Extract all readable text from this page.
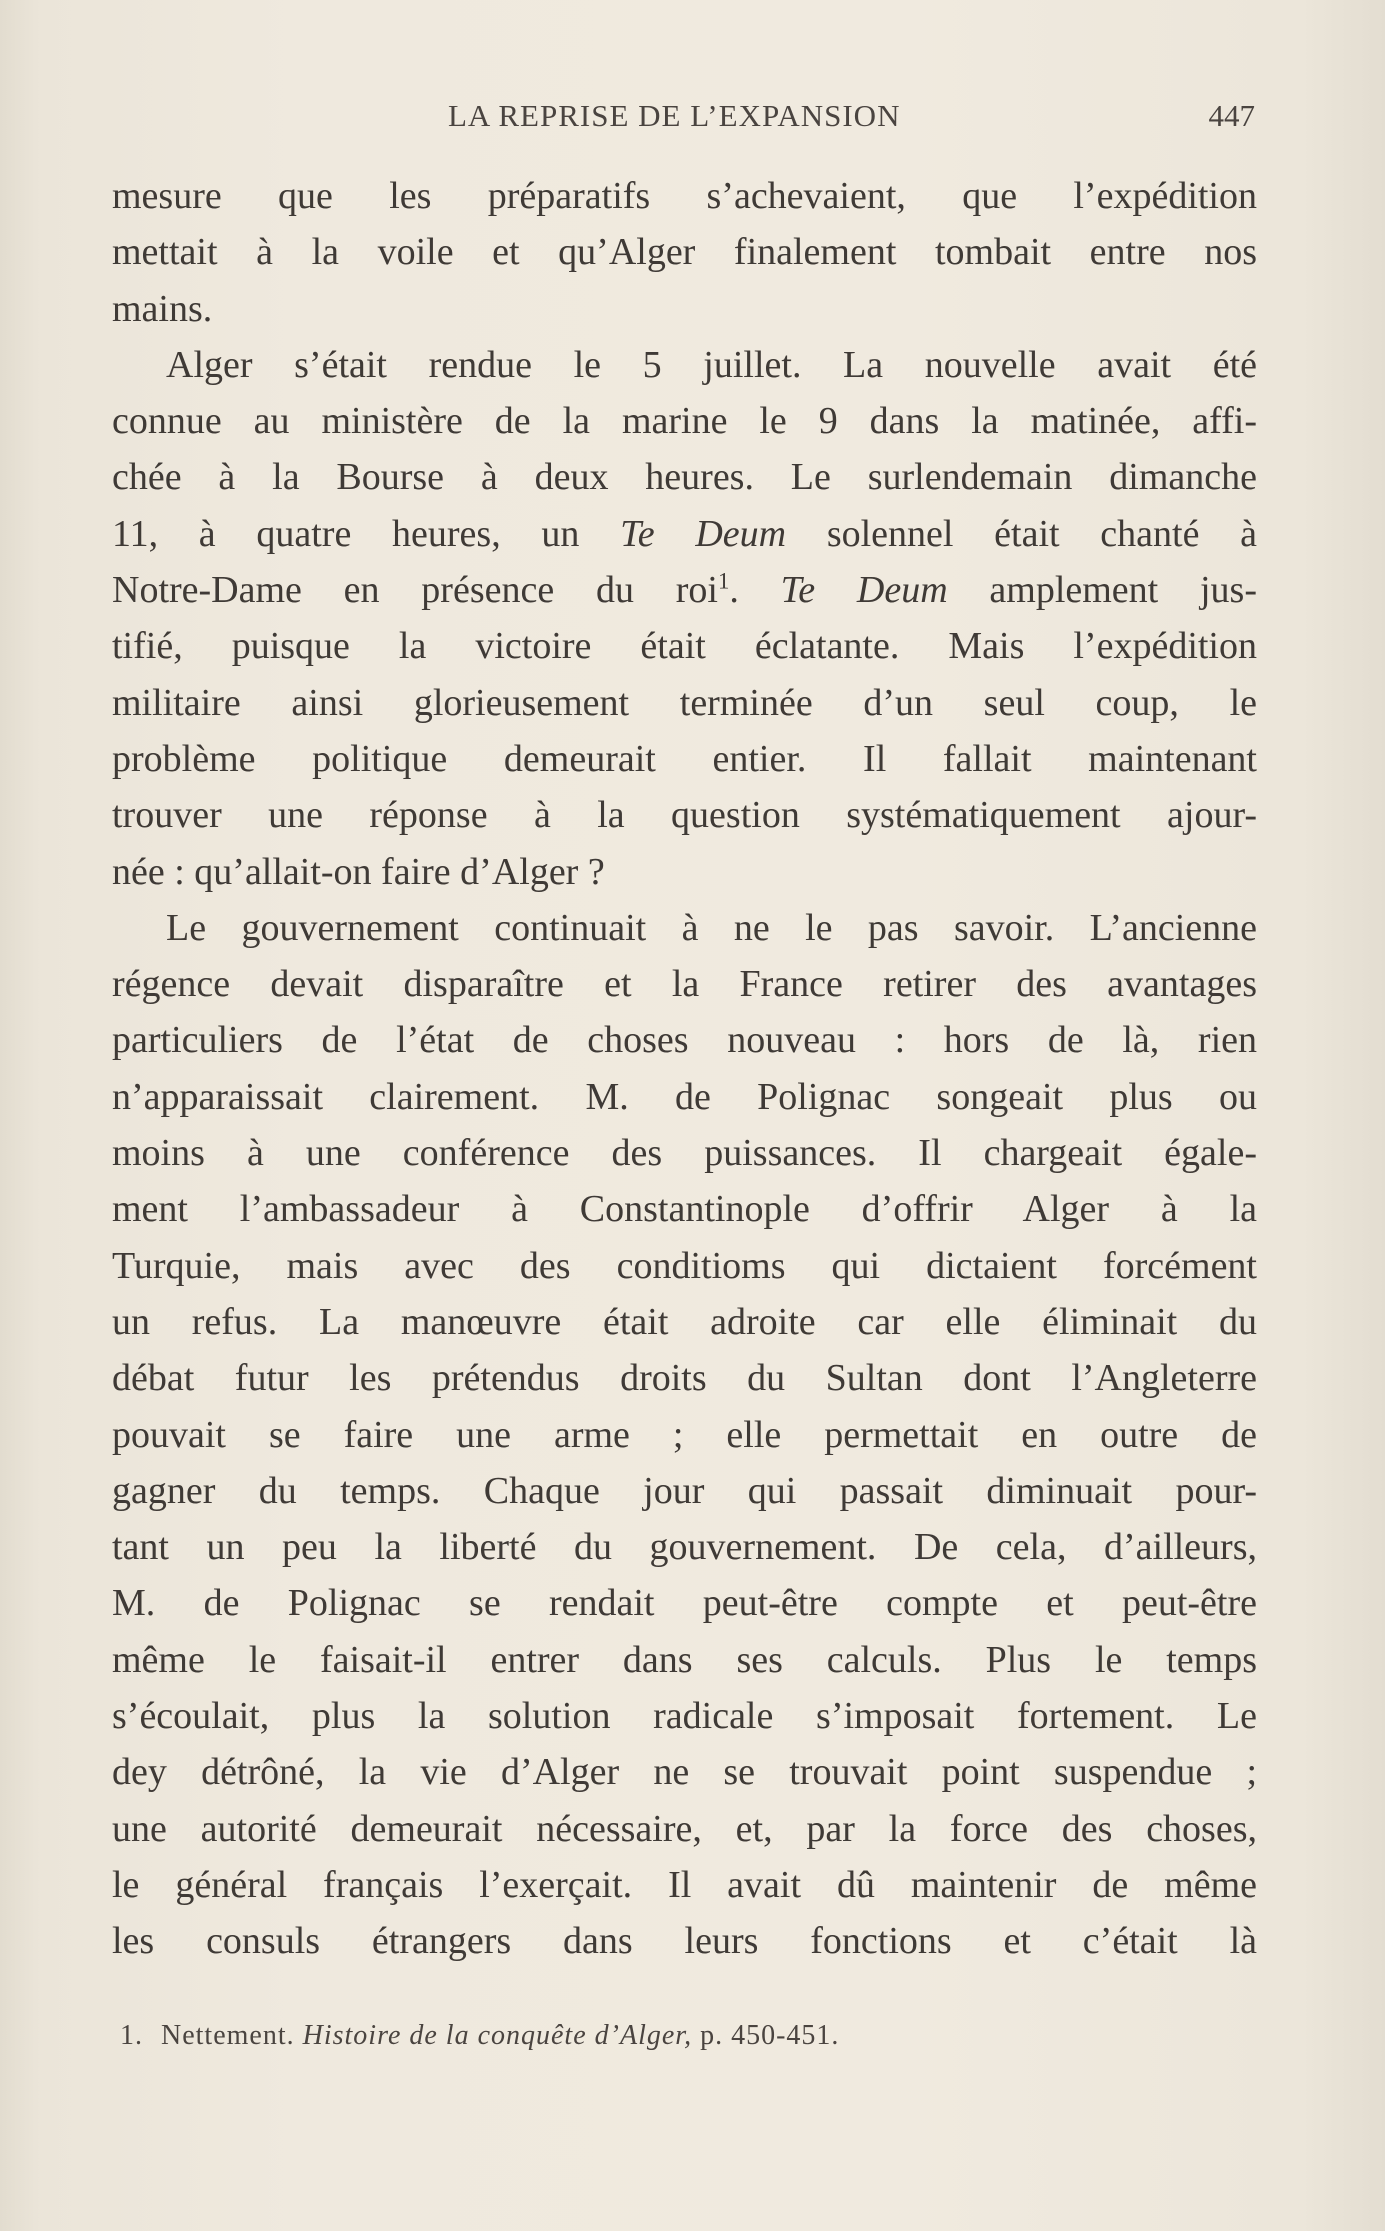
LA REPRISE DE L’EXPANSION	447
mesure que les préparatifs s’achevaient, que l’expédition
mettait à la voile et qu’Alger finalement tombait entre nos
mains.
Alger s’était rendue le 5 juillet. La nouvelle avait été
connue au ministère de la marine le 9 dans la matinée, affi-
chée à la Bourse à deux heures. Le surlendemain dimanche
11, à quatre heures, un Te Deum solennel était chanté à
Notre-Dame en présence du roi$^1$. Te Deum amplement jus-
tifié, puisque la victoire était éclatante. Mais l’expédition
militaire ainsi glorieusement terminée d’un seul coup, le
problème politique demeurait entier. Il fallait maintenant
trouver une réponse à la question systématiquement ajour-
née : qu’allait-on faire d’Alger ?
Le gouvernement continuait à ne le pas savoir. L’ancienne
régence devait disparaître et la France retirer des avantages
particuliers de l’état de choses nouveau : hors de là, rien
n’apparaissait clairement. M. de Polignac songeait plus ou
moins à une conférence des puissances. Il chargeait égale-
ment l’ambassadeur à Constantinople d’offrir Alger à la
Turquie, mais avec des conditioms qui dictaient forcément
un refus. La manœuvre était adroite car elle éliminait du
débat futur les prétendus droits du Sultan dont l’Angleterre
pouvait se faire une arme ; elle permettait en outre de
gagner du temps. Chaque jour qui passait diminuait pour-
tant un peu la liberté du gouvernement. De cela, d’ailleurs,
M. de Polignac se rendait peut-être compte et peut-être
même le faisait-il entrer dans ses calculs. Plus le temps
s’écoulait, plus la solution radicale s’imposait fortement. Le
dey détrôné, la vie d’Alger ne se trouvait point suspendue ;
une autorité demeurait nécessaire, et, par la force des choses,
le général français l’exerçait. Il avait dû maintenir de même
les consuls étrangers dans leurs fonctions et c’était là
1. Nettement. Histoire de la conquête d’Alger, p. 450-451.
